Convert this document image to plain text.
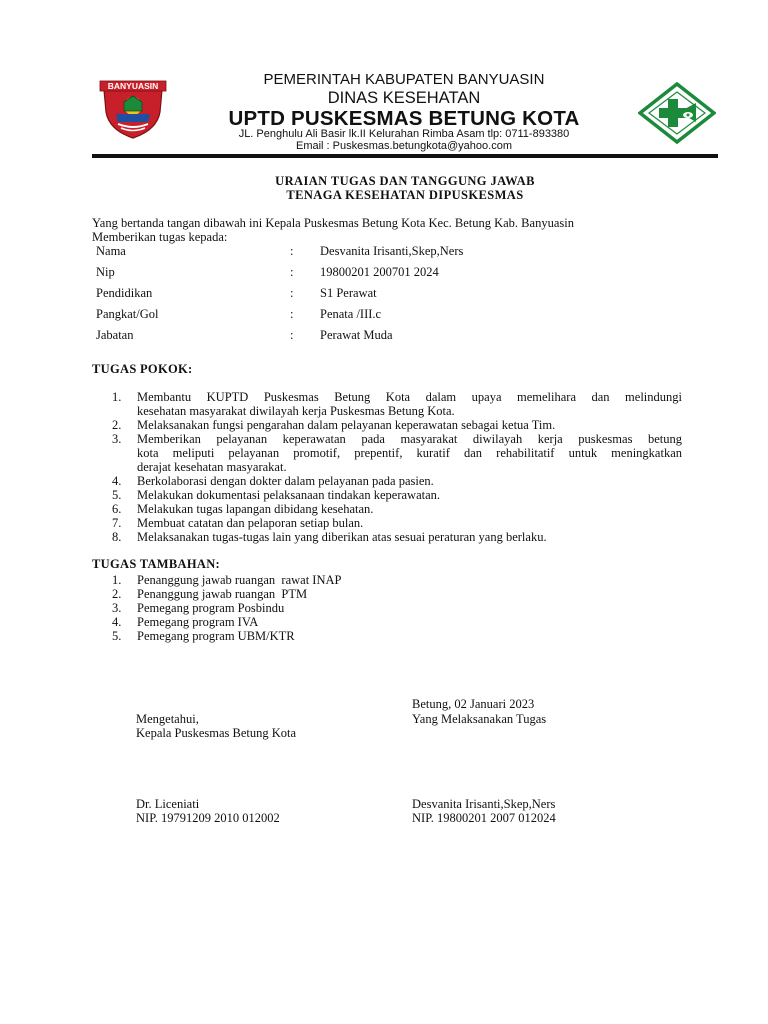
BANYUASIN	PEMERINTAH KABUPATEN BANYUASIN
DINAS KESEHATAN
UPTD PUSKESMAS BETUNG KOTA
JL. Penghulu Ali Basir lk.II Kelurahan Rimba Asam tlp: 0711-893380
Email : Puskesmas.betungkota@yahoo.com
URAIAN TUGAS DAN TANGGUNG JAWAB
TENAGA KESEHATAN DIPUSKESMAS
Yang bertanda tangan dibawah ini Kepala Puskesmas Betung Kota Kec. Betung Kab. Banyuasin
Memberikan tugas kepada:
Nama	: Desvanita Irisanti,Skep,Ners
Nip	: 19800201 200701 2024
Pendidikan	: S1 Perawat
Pangkat/Gol	: Penata /III.c
Jabatan	: Perawat Muda
TUGAS POKOK:
1. Membantu KUPTD Puskesmas Betung Kota dalam upaya memelihara dan melindungi
kesehatan masyarakat diwilayah kerja Puskesmas Betung Kota.
2. Melaksanakan fungsi pengarahan dalam pelayanan keperawatan sebagai ketua Tim.
3. Memberikan pelayanan keperawatan pada masyarakat diwilayah kerja puskesmas betung
kota meliputi pelayanan promotif, prepentif, kuratif dan rehabilitatif untuk meningkatkan
derajat kesehatan masyarakat.
4. Berkolaborasi dengan dokter dalam pelayanan pada pasien.
5. Melakukan dokumentasi pelaksanaan tindakan keperawatan.
6. Melakukan tugas lapangan dibidang kesehatan.
7. Membuat catatan dan pelaporan setiap bulan.
8. Melaksanakan tugas-tugas lain yang diberikan atas sesuai peraturan yang berlaku.
TUGAS TAMBAHAN:
1. Penanggung jawab ruangan  rawat INAP
2. Penanggung jawab ruangan  PTM
3. Pemegang program Posbindu
4. Pemegang program IVA
5. Pemegang program UBM/KTR
Betung, 02 Januari 2023
Mengetahui,	Yang Melaksanakan Tugas
Kepala Puskesmas Betung Kota
Dr. Liceniati	Desvanita Irisanti,Skep,Ners
NIP. 19791209 2010 012002	NIP. 19800201 2007 012024
